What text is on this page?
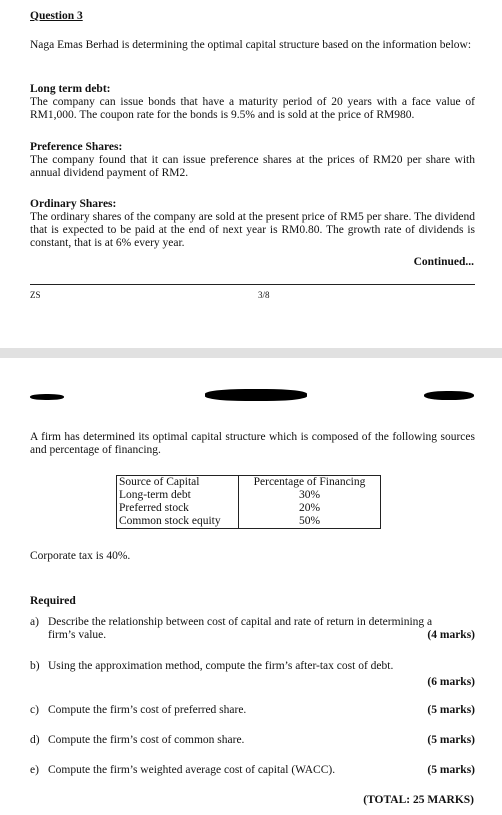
Question 3
Naga Emas Berhad is determining the optimal capital structure based on the information below:
Long term debt:
The company can issue bonds that have a maturity period of 20 years with a face value of RM1,000. The coupon rate for the bonds is 9.5% and is sold at the price of RM980.
Preference Shares:
The company found that it can issue preference shares at the prices of RM20 per share with annual dividend payment of RM2.
Ordinary Shares:
The ordinary shares of the company are sold at the present price of RM5 per share. The dividend that is expected to be paid at the end of next year is RM0.80. The growth rate of dividends is constant, that is at 6% every year.
Continued...
ZS	3/8
A firm has determined its optimal capital structure which is composed of the following sources and percentage of financing.
Source of Capital	Percentage of Financing
Long-term debt	30%
Preferred stock	20%
Common stock equity	50%
Corporate tax is 40%.
Required
a) Describe the relationship between cost of capital and rate of return in determining a
firm’s value.	(4 marks)
b) Using the approximation method, compute the firm’s after-tax cost of debt.
(6 marks)
c) Compute the firm’s cost of preferred share.	(5 marks)
d) Compute the firm’s cost of common share.	(5 marks)
e) Compute the firm’s weighted average cost of capital (WACC).	(5 marks)
(TOTAL: 25 MARKS)
